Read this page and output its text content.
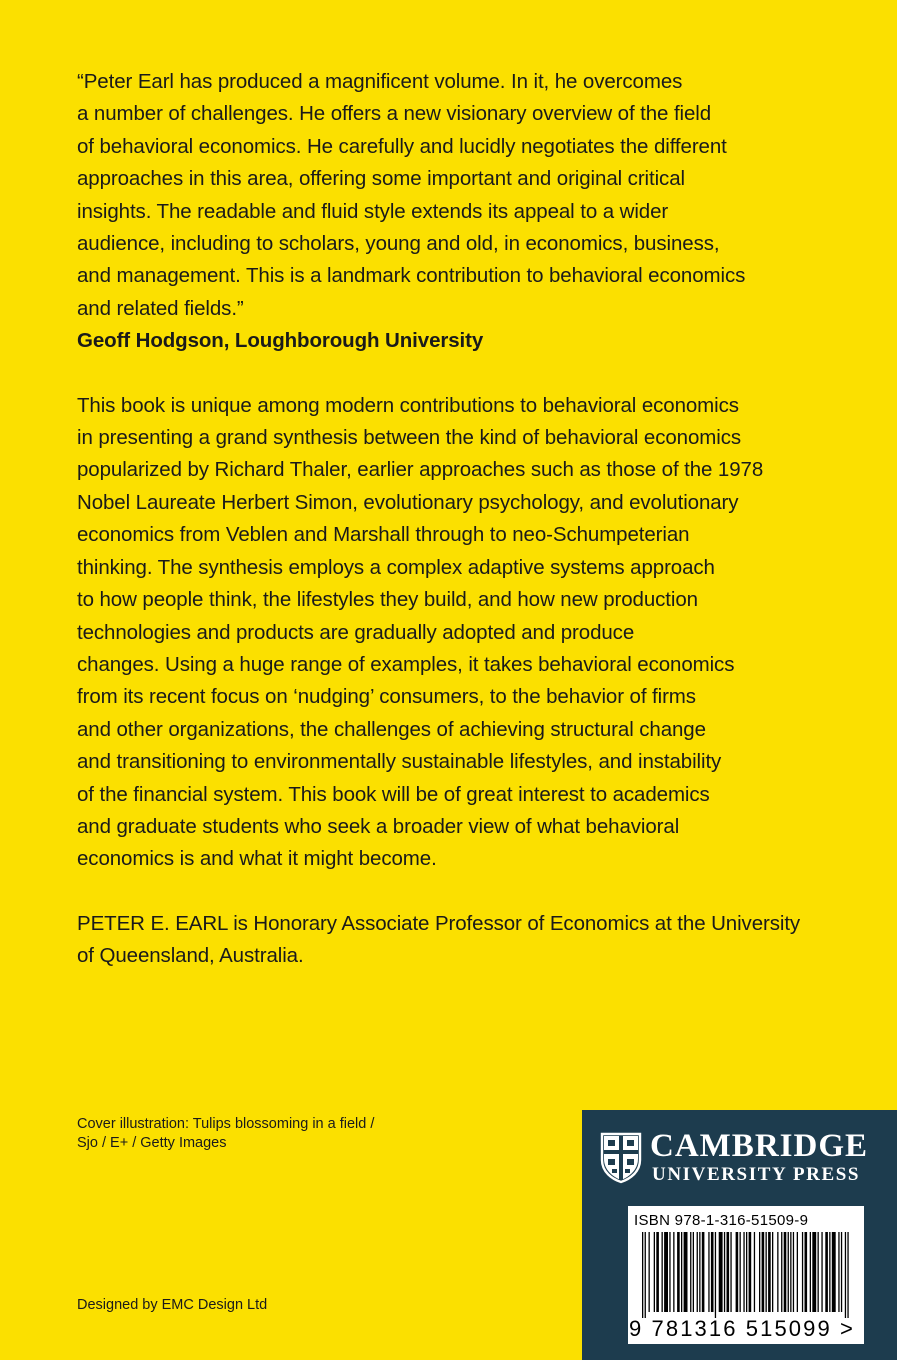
“Peter Earl has produced a magnificent volume. In it, he overcomes

a number of challenges. He offers a new visionary overview of the field

of behavioral economics. He carefully and lucidly negotiates the different

approaches in this area, offering some important and original critical

insights. The readable and fluid style extends its appeal to a wider

audience, including to scholars, young and old, in economics, business,

and management. This is a landmark contribution to behavioral economics

and related fields.”

Geoff Hodgson, Loughborough University

This book is unique among modern contributions to behavioral economics

in presenting a grand synthesis between the kind of behavioral economics

popularized by Richard Thaler, earlier approaches such as those of the 1978

Nobel Laureate Herbert Simon, evolutionary psychology, and evolutionary

economics from Veblen and Marshall through to neo-Schumpeterian

thinking. The synthesis employs a complex adaptive systems approach

to how people think, the lifestyles they build, and how new production

technologies and products are gradually adopted and produce

changes. Using a huge range of examples, it takes behavioral economics

from its recent focus on ‘nudging’ consumers, to the behavior of firms

and other organizations, the challenges of achieving structural change

and transitioning to environmentally sustainable lifestyles, and instability

of the financial system. This book will be of great interest to academics

and graduate students who seek a broader view of what behavioral

economics is and what it might become.

PETER E. EARL is Honorary Associate Professor of Economics at the University

of Queensland, Australia.

Cover illustration: Tulips blossoming in a field /
Sjo / E+ / Getty Images
Designed by EMC Design Ltd
CAMBRIDGE
UNIVERSITY PRESS
ISBN 978-1-316-51509-9
9 781316 515099 >
